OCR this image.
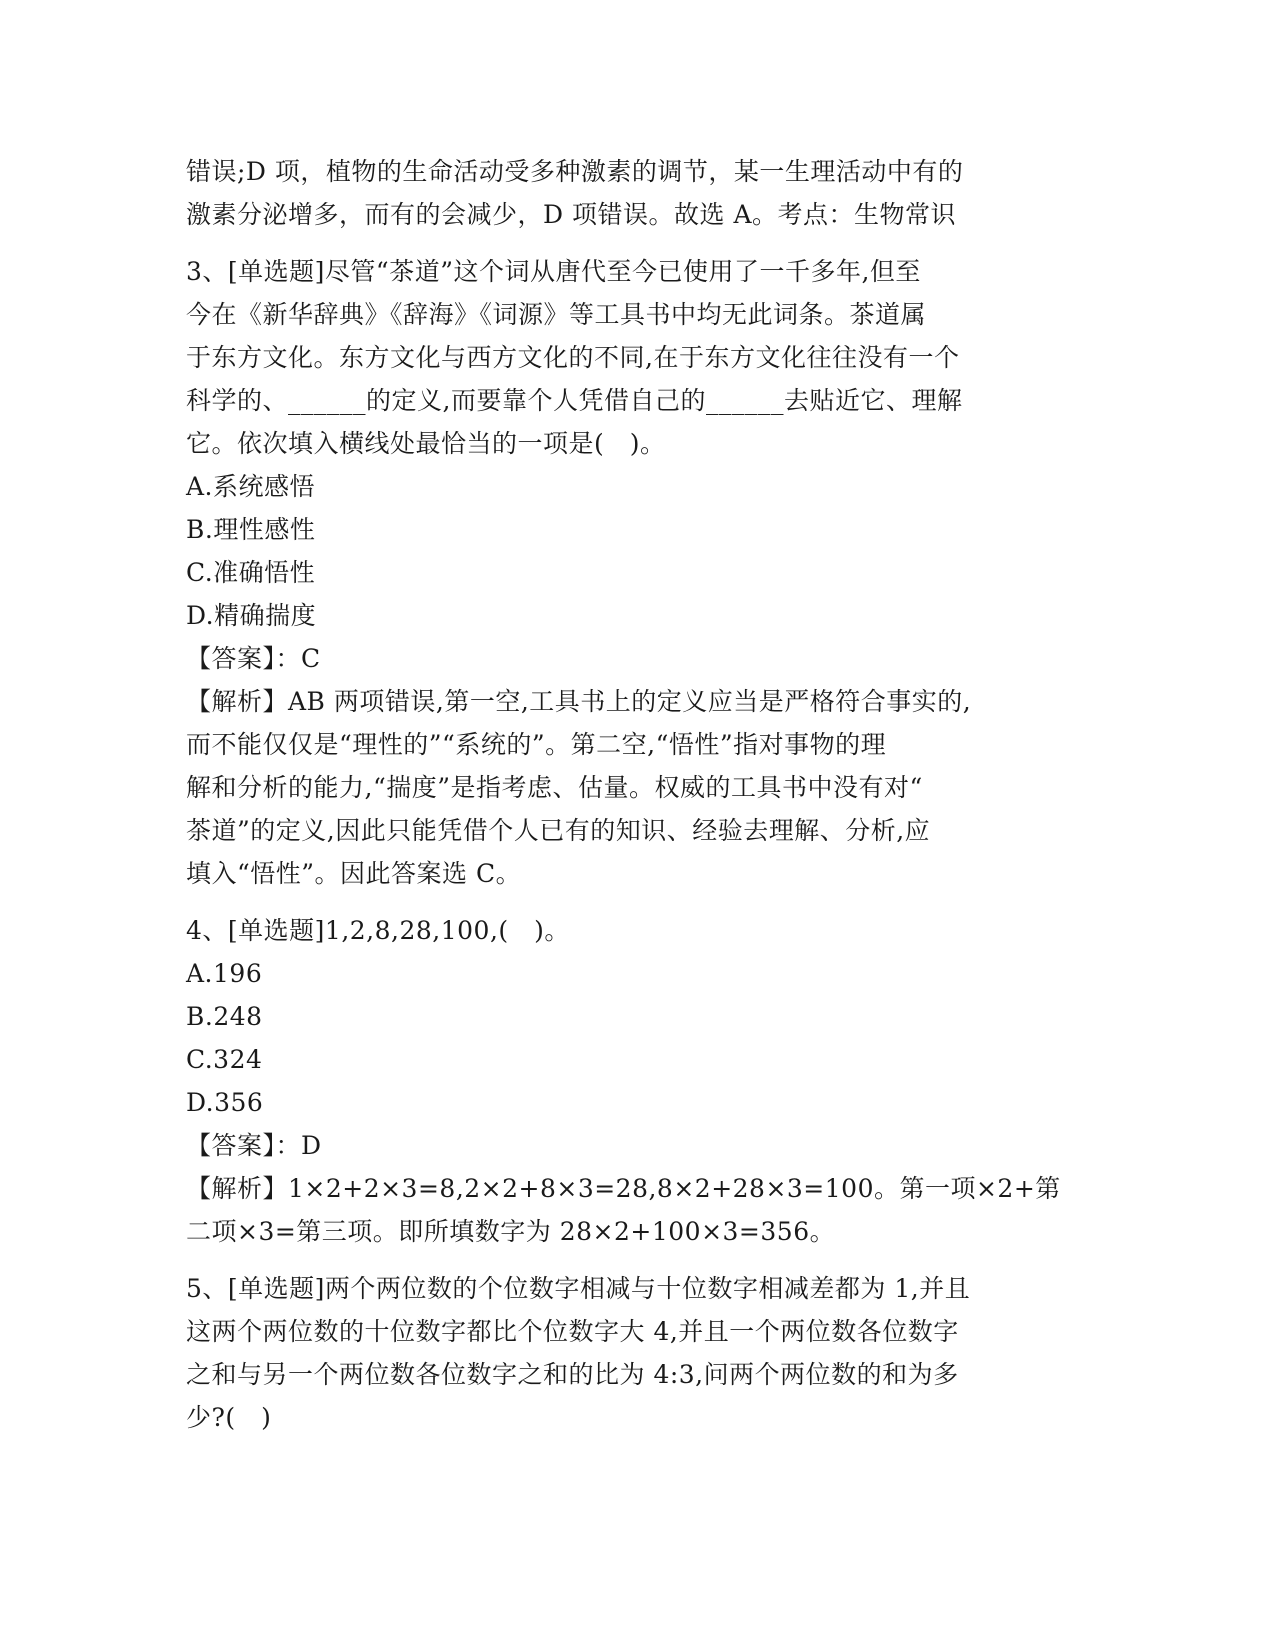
错误;D 项，植物的生命活动受多种激素的调节，某一生理活动中有的
激素分泌增多，而有的会减少，D 项错误。故选 A。考点：生物常识
3、[单选题]尽管“茶道”这个词从唐代至今已使用了一千多年,但至
今在《新华辞典》《辞海》《词源》等工具书中均无此词条。茶道属
于东方文化。东方文化与西方文化的不同,在于东方文化往往没有一个
科学的、______的定义,而要靠个人凭借自己的______去贴近它、理解
它。依次填入横线处最恰当的一项是(　)。
A.系统感悟
B.理性感性
C.准确悟性
D.精确揣度
【答案】：C
【解析】AB 两项错误,第一空,工具书上的定义应当是严格符合事实的,
而不能仅仅是“理性的”“系统的”。第二空,“悟性”指对事物的理
解和分析的能力,“揣度”是指考虑、估量。权威的工具书中没有对“
茶道”的定义,因此只能凭借个人已有的知识、经验去理解、分析,应
填入“悟性”。因此答案选 C。
4、[单选题]1,2,8,28,100,(　)。
A.196
B.248
C.324
D.356
【答案】：D
【解析】1×2+2×3=8,2×2+8×3=28,8×2+28×3=100。第一项×2+第
二项×3=第三项。即所填数字为 28×2+100×3=356。
5、[单选题]两个两位数的个位数字相减与十位数字相减差都为 1,并且
这两个两位数的十位数字都比个位数字大 4,并且一个两位数各位数字
之和与另一个两位数各位数字之和的比为 4:3,问两个两位数的和为多
少?(　)
